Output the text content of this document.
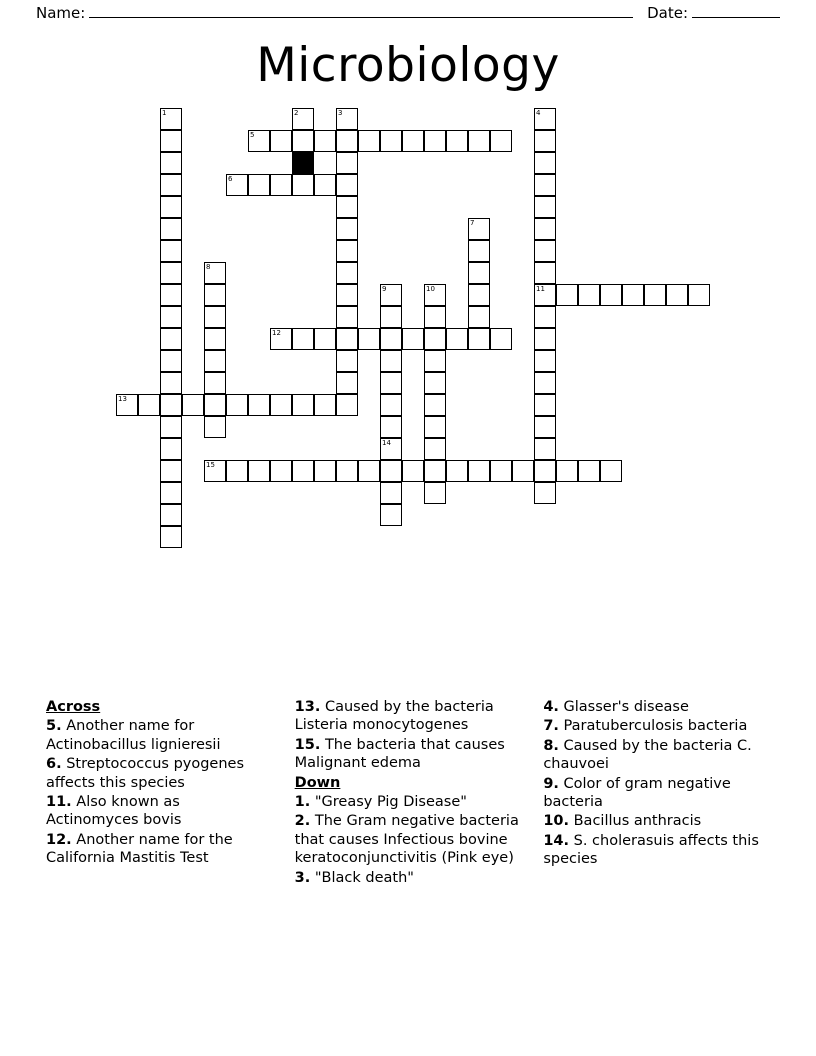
Name:	Date:
Microbiology
1	2	3	4
5
6
7
8
9	10	11
12
13
14
15

Across

5. Another name for Actinobacillus lignieresii

6. Streptococcus pyogenes affects this species

11. Also known as Actinomyces bovis

12. Another name for the California Mastitis Test

13. Caused by the bacteria Listeria monocytogenes

15. The bacteria that causes Malignant edema

Down

1. "Greasy Pig Disease"

2. The Gram negative bacteria that causes Infectious bovine keratoconjunctivitis (Pink eye)

3. "Black death"

4. Glasser's disease

7. Paratuberculosis bacteria

8. Caused by the bacteria C. chauvoei

9. Color of gram negative bacteria

10. Bacillus anthracis

14. S. cholerasuis affects this species
